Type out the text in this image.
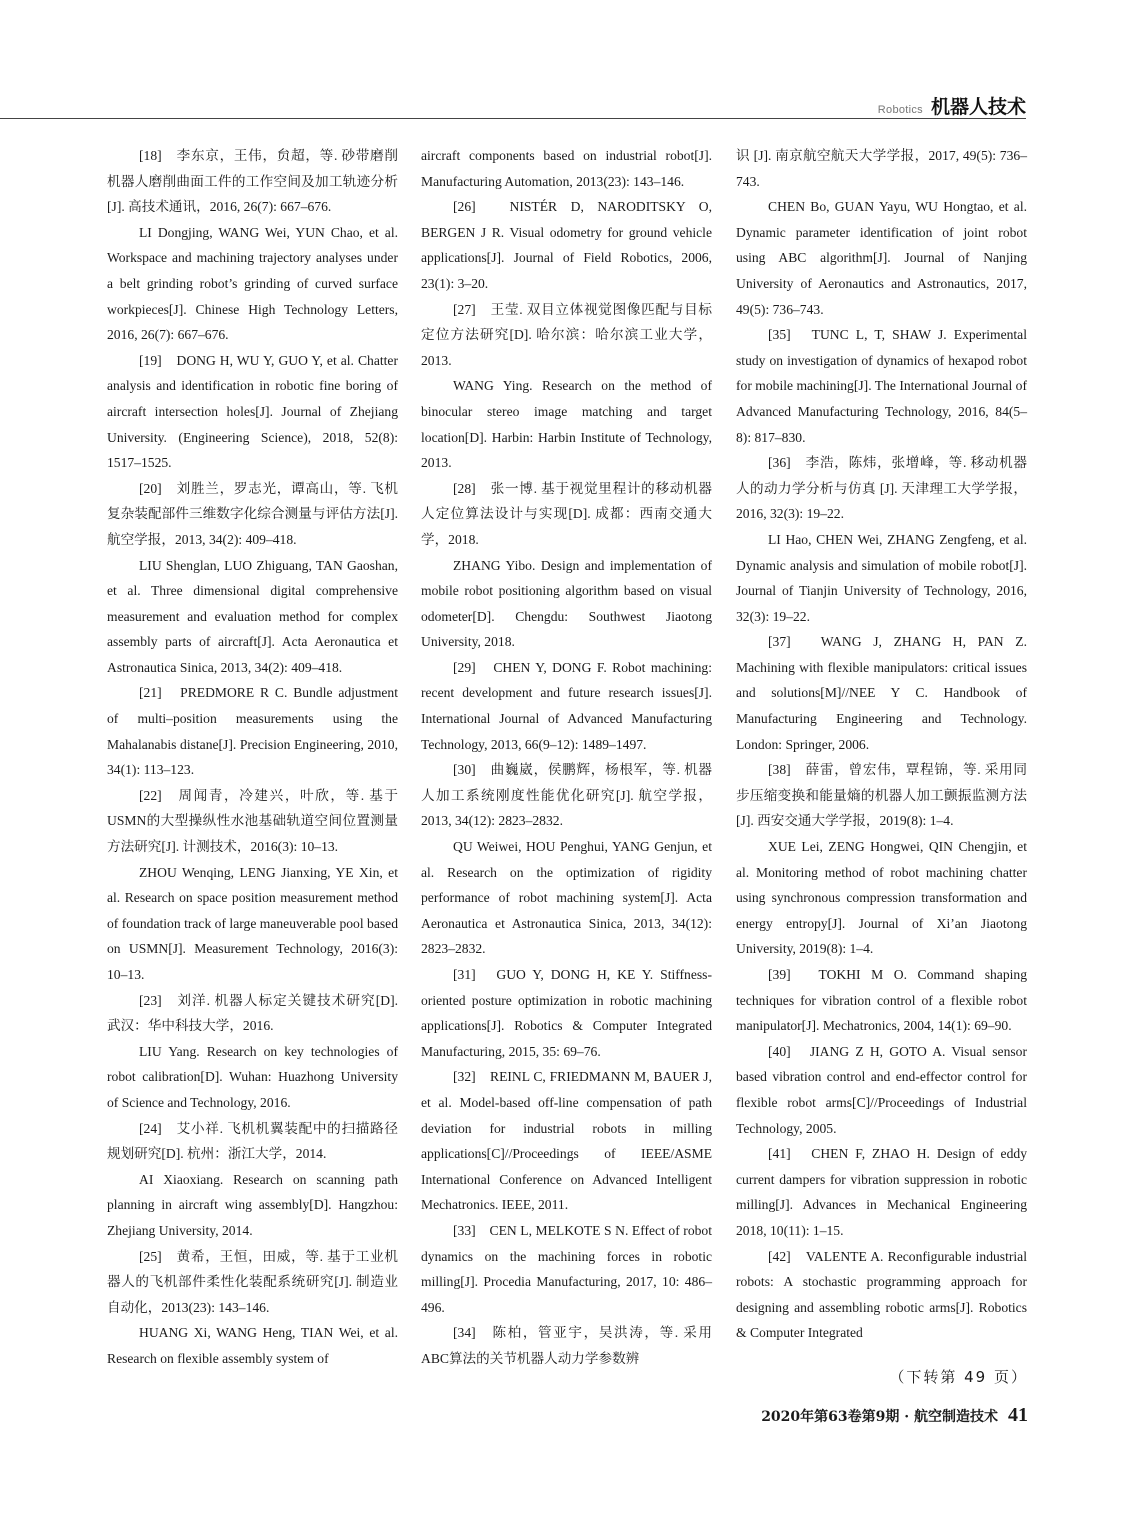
Robotics 机器人技术

[18]　李东京，王伟，贠超，等. 砂带磨削机器人磨削曲面工件的工作空间及加工轨迹分析[J]. 高技术通讯，2016, 26(7): 667–676.

LI Dongjing, WANG Wei, YUN Chao, et al. Workspace and machining trajectory analyses under a belt grinding robot’s grinding of curved surface workpieces[J]. Chinese High Technology Letters, 2016, 26(7): 667–676.

[19]　DONG H, WU Y, GUO Y, et al. Chatter analysis and identification in robotic fine boring of aircraft intersection holes[J]. Journal of Zhejiang University. (Engineering Science), 2018, 52(8): 1517–1525.

[20]　刘胜兰，罗志光，谭高山，等. 飞机复杂装配部件三维数字化综合测量与评估方法[J]. 航空学报，2013, 34(2): 409–418.

LIU Shenglan, LUO Zhiguang, TAN Gaoshan, et al. Three dimensional digital comprehensive measurement and evaluation method for complex assembly parts of aircraft[J]. Acta Aeronautica et Astronautica Sinica, 2013, 34(2): 409–418.

[21]　PREDMORE R C. Bundle adjustment of multi–position measurements using the Mahalanabis distane[J]. Precision Engineering, 2010, 34(1): 113–123.

[22]　周闻青，冷建兴，叶欣，等. 基于USMN的大型操纵性水池基础轨道空间位置测量方法研究[J]. 计测技术，2016(3): 10–13.

ZHOU Wenqing, LENG Jianxing, YE Xin, et al. Research on space position measurement method of foundation track of large maneuverable pool based on USMN[J]. Measurement Technology, 2016(3): 10–13.

[23]　刘洋. 机器人标定关键技术研究[D]. 武汉：华中科技大学，2016.

LIU Yang. Research on key technologies of robot calibration[D]. Wuhan: Huazhong University of Science and Technology, 2016.

[24]　艾小祥. 飞机机翼装配中的扫描路径规划研究[D]. 杭州：浙江大学，2014.

AI Xiaoxiang. Research on scanning path planning in aircraft wing assembly[D]. Hangzhou: Zhejiang University, 2014.

[25]　黄希，王恒，田威，等. 基于工业机器人的飞机部件柔性化装配系统研究[J]. 制造业自动化，2013(23): 143–146.

HUANG Xi, WANG Heng, TIAN Wei, et al. Research on flexible assembly system of

aircraft components based on industrial robot[J]. Manufacturing Automation, 2013(23): 143–146.

[26]　NISTÉR D, NARODITSKY O, BERGEN J R. Visual odometry for ground vehicle applications[J]. Journal of Field Robotics, 2006, 23(1): 3–20.

[27]　王莹. 双目立体视觉图像匹配与目标定位方法研究[D]. 哈尔滨：哈尔滨工业大学，2013.

WANG Ying. Research on the method of binocular stereo image matching and target location[D]. Harbin: Harbin Institute of Technology, 2013.

[28]　张一博. 基于视觉里程计的移动机器人定位算法设计与实现[D]. 成都：西南交通大学，2018.

ZHANG Yibo. Design and implementation of mobile robot positioning algorithm based on visual odometer[D]. Chengdu: Southwest Jiaotong University, 2018.

[29]　CHEN Y, DONG F. Robot machining: recent development and future research issues[J]. International Journal of Advanced Manufacturing Technology, 2013, 66(9–12): 1489–1497.

[30]　曲巍崴，侯鹏辉，杨根军，等. 机器人加工系统刚度性能优化研究[J]. 航空学报，2013, 34(12): 2823–2832.

QU Weiwei, HOU Penghui, YANG Genjun, et al. Research on the optimization of rigidity performance of robot machining system[J]. Acta Aeronautica et Astronautica Sinica, 2013, 34(12): 2823–2832.

[31]　GUO Y, DONG H, KE Y. Stiffness-oriented posture optimization in robotic machining applications[J]. Robotics & Computer Integrated Manufacturing, 2015, 35: 69–76.

[32]　REINL C, FRIEDMANN M, BAUER J, et al. Model-based off-line compensation of path deviation for industrial robots in milling applications[C]//Proceedings of IEEE/ASME International Conference on Advanced Intelligent Mechatronics. IEEE, 2011.

[33]　CEN L, MELKOTE S N. Effect of robot dynamics on the machining forces in robotic milling[J]. Procedia Manufacturing, 2017, 10: 486–496.

[34]　陈柏，管亚宇，吴洪涛，等. 采用ABC算法的关节机器人动力学参数辨

识 [J]. 南京航空航天大学学报，2017, 49(5): 736–743.

CHEN Bo, GUAN Yayu, WU Hongtao, et al. Dynamic parameter identification of joint robot using ABC algorithm[J]. Journal of Nanjing University of Aeronautics and Astronautics, 2017, 49(5): 736–743.

[35]　TUNC L, T, SHAW J. Experimental study on investigation of dynamics of hexapod robot for mobile machining[J]. The International Journal of Advanced Manufacturing Technology, 2016, 84(5–8): 817–830.

[36]　李浩，陈炜，张增峰，等. 移动机器人的动力学分析与仿真 [J]. 天津理工大学学报，2016, 32(3): 19–22.

LI Hao, CHEN Wei, ZHANG Zengfeng, et al. Dynamic analysis and simulation of mobile robot[J]. Journal of Tianjin University of Technology, 2016, 32(3): 19–22.

[37]　WANG J, ZHANG H, PAN Z. Machining with flexible manipulators: critical issues and solutions[M]//NEE Y C. Handbook of Manufacturing Engineering and Technology. London: Springer, 2006.

[38]　薛雷，曾宏伟，覃程锦，等. 采用同步压缩变换和能量熵的机器人加工颤振监测方法[J]. 西安交通大学学报，2019(8): 1–4.

XUE Lei, ZENG Hongwei, QIN Chengjin, et al. Monitoring method of robot machining chatter using synchronous compression transformation and energy entropy[J]. Journal of Xi’an Jiaotong University, 2019(8): 1–4.

[39]　TOKHI M O. Command shaping techniques for vibration control of a flexible robot manipulator[J]. Mechatronics, 2004, 14(1): 69–90.

[40]　JIANG Z H, GOTO A. Visual sensor based vibration control and end-effector control for flexible robot arms[C]//Proceedings of Industrial Technology, 2005.

[41]　CHEN F, ZHAO H. Design of eddy current dampers for vibration suppression in robotic milling[J]. Advances in Mechanical Engineering 2018, 10(11): 1–15.

[42]　VALENTE A. Reconfigurable industrial robots: A stochastic programming approach for designing and assembling robotic arms[J]. Robotics & Computer Integrated

（下转第 49 页）
2020年第63卷第9期 · 航空制造技术 41
